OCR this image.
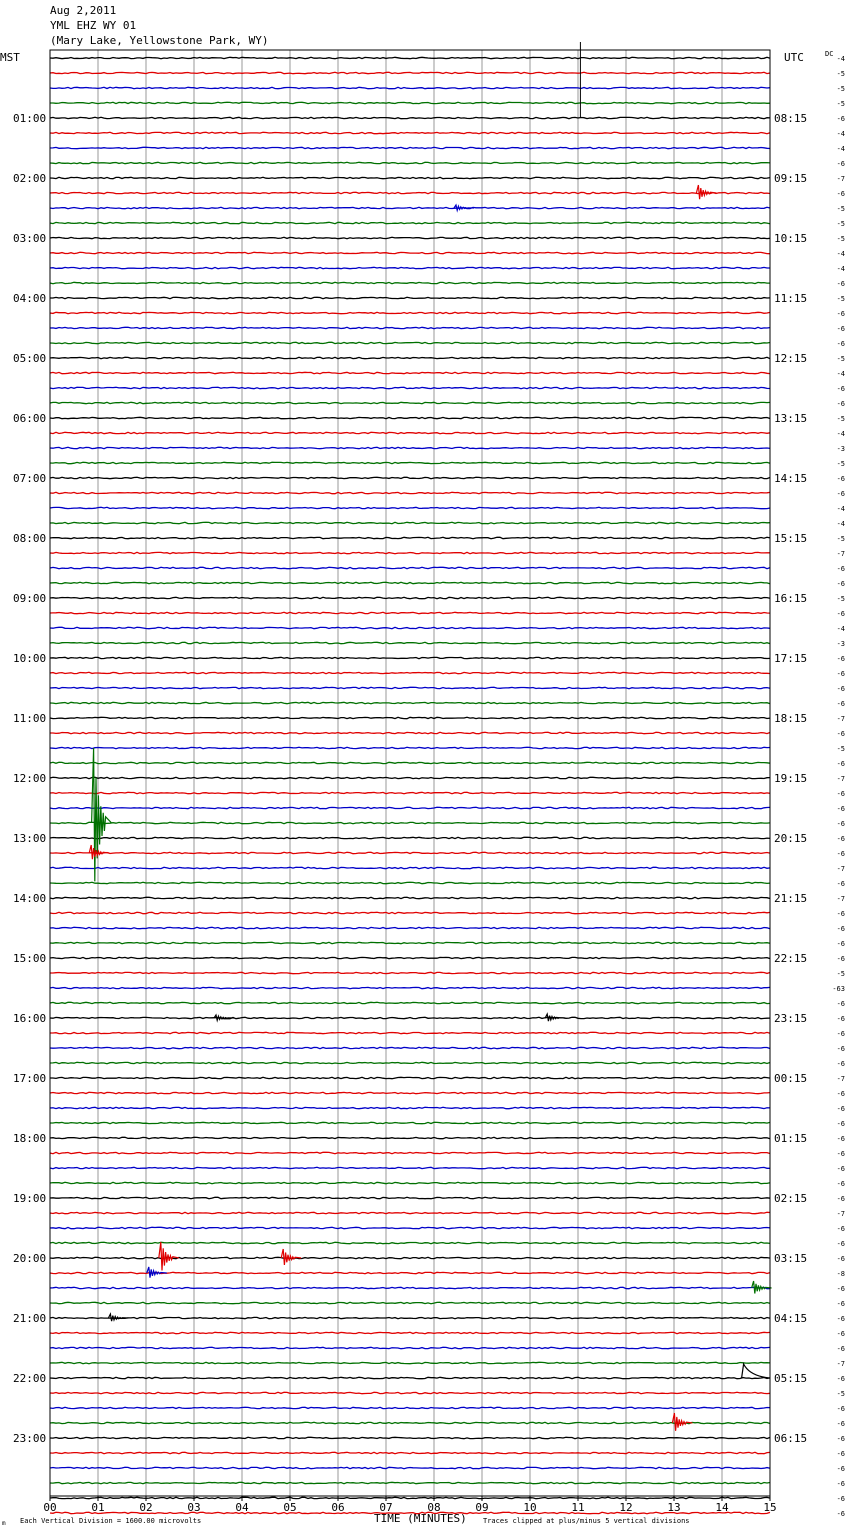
Aug 2,2011
YML EHZ WY 01
(Mary Lake, Yellowstone Park, WY)
01:00
02:00
03:00
04:00
05:00
06:00
07:00
08:00
09:00
10:00
11:00
12:00
13:00
14:00
15:00
16:00
17:00
18:00
19:00
20:00
21:00
22:00
23:00
08:15
09:15
10:15
11:15
12:15
13:15
14:15
15:15
16:15
17:15
18:15
19:15
20:15
21:15
22:15
23:15
00:15
01:15
02:15
03:15
04:15
05:15
06:15
-4
-5
-5
-5
-6
-4
-4
-6
-7
-6
-5
-5
-5
-4
-4
-6
-5
-6
-6
-6
-5
-4
-6
-6
-5
-4
-3
-5
-6
-6
-4
-4
-5
-7
-6
-6
-5
-6
-4
-3
-6
-6
-6
-6
-7
-6
-5
-6
-7
-6
-6
-6
-6
-6
-7
-6
-7
-6
-6
-6
-6
-5
-63
-6
-6
-6
-6
-6
-7
-6
-6
-6
-6
-6
-6
-6
-6
-7
-6
-6
-6
-8
-6
-6
-6
-6
-6
-7
-6
-5
-6
-6
-6
-6
-6
-6
-6
-6
00	01	02	03	04	05	06	07	08	09	10	11	12	13	14	15
MST	UTC	DC
TIME (MINUTES)
Each Vertical Division = 1600.00 microvolts	Traces clipped at plus/minus 5 vertical divisions
m
